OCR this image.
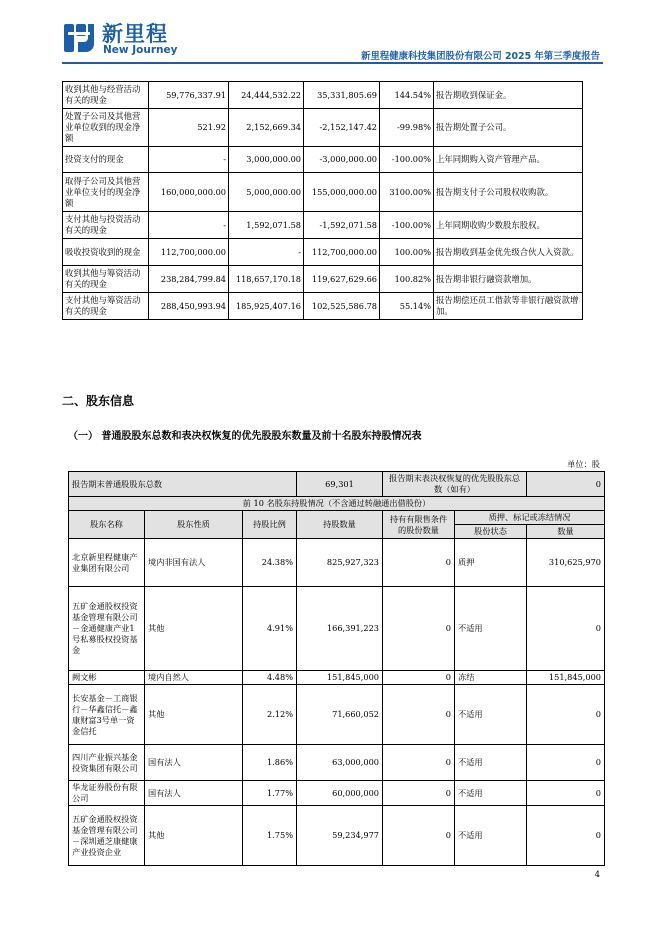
新里程
New Journey
新里程健康科技集团股份有限公司 2025 年第三季度报告
收到其他与经营活动有关的现金	59,776,337.91	24,444,532.22	35,331,805.69	144.54%	报告期收到保证金。
处置子公司及其他营业单位收到的现金净额	521.92	2,152,669.34	-2,152,147.42	-99.98%	报告期处置子公司。
投资支付的现金	-	3,000,000.00	-3,000,000.00	-100.00%	上年同期购入资产管理产品。
取得子公司及其他营业单位支付的现金净额	160,000,000.00	5,000,000.00	155,000,000.00	3100.00%	报告期支付子公司股权收购款。
支付其他与投资活动有关的现金	-	1,592,071.58	-1,592,071.58	-100.00%	上年同期收购少数股东股权。
吸收投资收到的现金	112,700,000.00	-	112,700,000.00	100.00%	报告期收到基金优先级合伙人入资款。
收到其他与筹资活动有关的现金	238,284,799.84	118,657,170.18	119,627,629.66	100.82%	报告期非银行融资款增加。
支付其他与筹资活动有关的现金	288,450,993.94	185,925,407.16	102,525,586.78	55.14%	报告期偿还员工借款等非银行融资款增加。
二、股东信息
（一） 普通股股东总数和表决权恢复的优先股股东数量及前十名股东持股情况表
单位：股
报告期末普通股股东总数			69,301	报告期末表决权恢复的优先股股东总数（如有）		0
前 10 名股东持股情况（不含通过转融通出借股份）						
股东名称	股东性质	持股比例	持股数量	持有有限售条件的股份数量	质押、标记或冻结情况	
					股份状态	数量
北京新里程健康产业集团有限公司	境内非国有法人	24.38%	825,927,323	0	质押	310,625,970
五矿金通股权投资基金管理有限公司－金通健康产业1号私募股权投资基金	其他	4.91%	166,391,223	0	不适用	0
阙文彬	境内自然人	4.48%	151,845,000	0	冻结	151,845,000
长安基金－工商银行－华鑫信托－鑫康财富3号单一资金信托	其他	2.12%	71,660,052	0	不适用	0
四川产业振兴基金投资集团有限公司	国有法人	1.86%	63,000,000	0	不适用	0
华龙证券股份有限公司	国有法人	1.77%	60,000,000	0	不适用	0
五矿金通股权投资基金管理有限公司－深圳通芝康健康产业投资企业	其他	1.75%	59,234,977	0	不适用	0
4
